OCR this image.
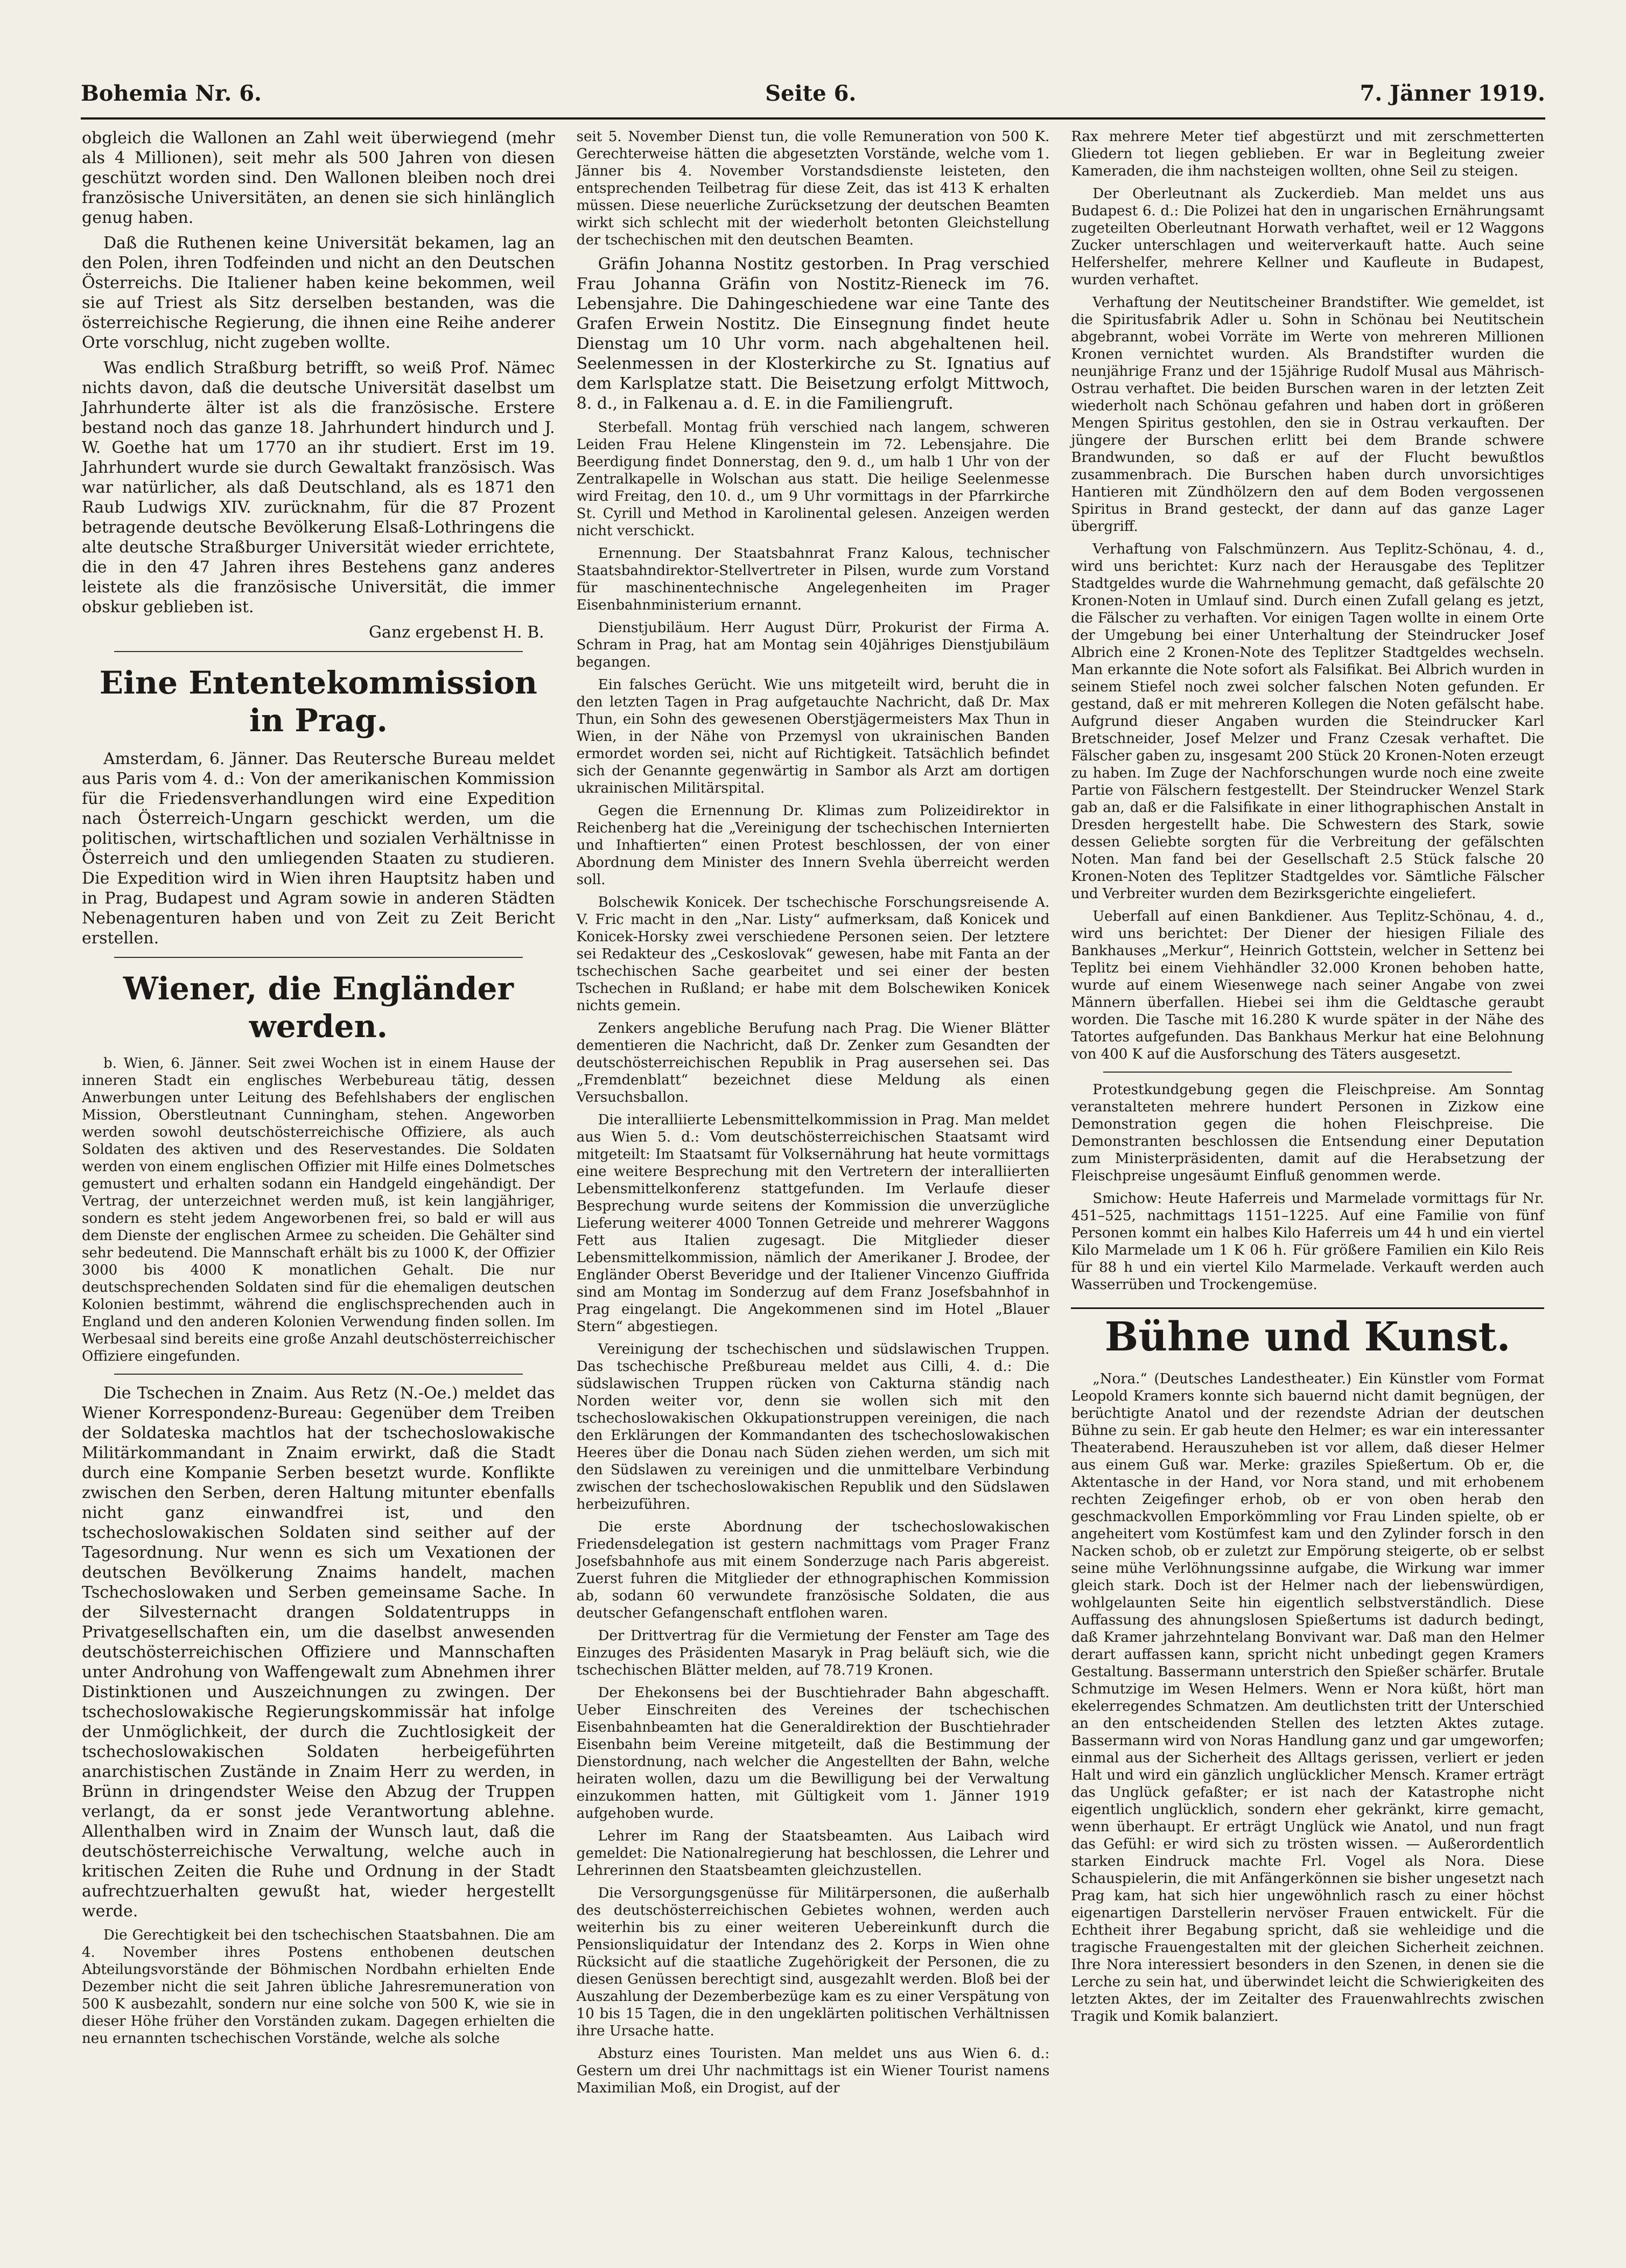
Bohemia Nr. 6.	Seite 6.	7. Jänner 1919.

obgleich die Wallonen an Zahl weit überwiegend (mehr als 4 Millionen), seit mehr als 500 Jahren von diesen geschützt worden sind. Den Wallonen bleiben noch drei französische Universitäten, an denen sie sich hinlänglich genug haben.

Daß die Ruthenen keine Universität bekamen, lag an den Polen, ihren Todfeinden und nicht an den Deutschen Österreichs. Die Italiener haben keine bekommen, weil sie auf Triest als Sitz derselben bestanden, was die österreichische Regierung, die ihnen eine Reihe anderer Orte vorschlug, nicht zugeben wollte.

Was endlich Straßburg betrifft, so weiß Prof. Nämec nichts davon, daß die deutsche Universität daselbst um Jahrhunderte älter ist als die französische. Erstere bestand noch das ganze 18. Jahrhundert hindurch und J. W. Goethe hat um 1770 an ihr studiert. Erst im 19. Jahrhundert wurde sie durch Gewaltakt französisch. Was war natürlicher, als daß Deutschland, als es 1871 den Raub Ludwigs XIV. zurücknahm, für die 87 Prozent betragende deutsche Bevölkerung Elsaß-Lothringens die alte deutsche Straßburger Universität wieder errichtete, die in den 47 Jahren ihres Bestehens ganz anderes leistete als die französische Universität, die immer obskur geblieben ist.

Ganz ergebenst H. B.
Eine Ententekommission in Prag.

Amsterdam, 6. Jänner. Das Reutersche Bureau meldet aus Paris vom 4. d.: Von der amerikanischen Kommission für die Friedensverhandlungen wird eine Expedition nach Österreich-Ungarn geschickt werden, um die politischen, wirtschaftlichen und sozialen Verhältnisse in Österreich und den umliegenden Staaten zu studieren. Die Expedition wird in Wien ihren Hauptsitz haben und in Prag, Budapest und Agram sowie in anderen Städten Nebenagenturen haben und von Zeit zu Zeit Bericht erstellen.

Wiener, die Engländer werden.

b. Wien, 6. Jänner. Seit zwei Wochen ist in einem Hause der inneren Stadt ein englisches Werbebureau tätig, dessen Anwerbungen unter Leitung des Befehlshabers der englischen Mission, Oberstleutnant Cunningham, stehen. Angeworben werden sowohl deutschösterreichische Offiziere, als auch Soldaten des aktiven und des Reservestandes. Die Soldaten werden von einem englischen Offizier mit Hilfe eines Dolmetsches gemustert und erhalten sodann ein Handgeld eingehändigt. Der Vertrag, der unterzeichnet werden muß, ist kein langjähriger, sondern es steht jedem Angeworbenen frei, so bald er will aus dem Dienste der englischen Armee zu scheiden. Die Gehälter sind sehr bedeutend. Die Mannschaft erhält bis zu 1000 K, der Offizier 3000 bis 4000 K monatlichen Gehalt. Die nur deutschsprechenden Soldaten sind für die ehemaligen deutschen Kolonien bestimmt, während die englischsprechenden auch in England und den anderen Kolonien Verwendung finden sollen. Im Werbesaal sind bereits eine große Anzahl deutschösterreichischer Offiziere eingefunden.

Die Tschechen in Znaim. Aus Retz (N.-Oe.) meldet das Wiener Korrespondenz-Bureau: Gegenüber dem Treiben der Soldateska machtlos hat der tschechoslowakische Militärkommandant in Znaim erwirkt, daß die Stadt durch eine Kompanie Serben besetzt wurde. Konflikte zwischen den Serben, deren Haltung mitunter ebenfalls nicht ganz einwandfrei ist, und den tschechoslowakischen Soldaten sind seither auf der Tagesordnung. Nur wenn es sich um Vexationen der deutschen Bevölkerung Znaims handelt, machen Tschechoslowaken und Serben gemeinsame Sache. In der Silvesternacht drangen Soldatentrupps in Privatgesellschaften ein, um die daselbst anwesenden deutschösterreichischen Offiziere und Mannschaften unter Androhung von Waffengewalt zum Abnehmen ihrer Distinktionen und Auszeichnungen zu zwingen. Der tschechoslowakische Regierungskommissär hat infolge der Unmöglichkeit, der durch die Zuchtlosigkeit der tschechoslowakischen Soldaten herbeigeführten anarchistischen Zustände in Znaim Herr zu werden, in Brünn in dringendster Weise den Abzug der Truppen verlangt, da er sonst jede Verantwortung ablehne. Allenthalben wird in Znaim der Wunsch laut, daß die deutschösterreichische Verwaltung, welche auch in kritischen Zeiten die Ruhe und Ordnung in der Stadt aufrechtzuerhalten gewußt hat, wieder hergestellt werde.

Die Gerechtigkeit bei den tschechischen Staatsbahnen. Die am 4. November ihres Postens enthobenen deutschen Abteilungsvorstände der Böhmischen Nordbahn erhielten Ende Dezember nicht die seit Jahren übliche Jahresremuneration von 500 K ausbezahlt, sondern nur eine solche von 500 K, wie sie in dieser Höhe früher den Vorständen zukam. Dagegen erhielten die neu ernannten tschechischen Vorstände, welche als solche

seit 5. November Dienst tun, die volle Remuneration von 500 K. Gerechterweise hätten die abgesetzten Vorstände, welche vom 1. Jänner bis 4. November Vorstandsdienste leisteten, den entsprechenden Teilbetrag für diese Zeit, das ist 413 K erhalten müssen. Diese neuerliche Zurücksetzung der deutschen Beamten wirkt sich schlecht mit der wiederholt betonten Gleichstellung der tschechischen mit den deutschen Beamten.

Gräfin Johanna Nostitz gestorben. In Prag verschied Frau Johanna Gräfin von Nostitz-Rieneck im 76. Lebensjahre. Die Dahingeschiedene war eine Tante des Grafen Erwein Nostitz. Die Einsegnung findet heute Dienstag um 10 Uhr vorm. nach abgehaltenen heil. Seelenmessen in der Klosterkirche zu St. Ignatius auf dem Karlsplatze statt. Die Beisetzung erfolgt Mittwoch, 8. d., in Falkenau a. d. E. in die Familiengruft.

Sterbefall. Montag früh verschied nach langem, schweren Leiden Frau Helene Klingenstein im 72. Lebensjahre. Die Beerdigung findet Donnerstag, den 9. d., um halb 1 Uhr von der Zentralkapelle in Wolschan aus statt. Die heilige Seelenmesse wird Freitag, den 10. d., um 9 Uhr vormittags in der Pfarrkirche St. Cyrill und Method in Karolinental gelesen. Anzeigen werden nicht verschickt.

Ernennung. Der Staatsbahnrat Franz Kalous, technischer Staatsbahndirektor-Stellvertreter in Pilsen, wurde zum Vorstand für maschinentechnische Angelegenheiten im Prager Eisenbahnministerium ernannt.

Dienstjubiläum. Herr August Dürr, Prokurist der Firma A. Schram in Prag, hat am Montag sein 40jähriges Dienstjubiläum begangen.

Ein falsches Gerücht. Wie uns mitgeteilt wird, beruht die in den letzten Tagen in Prag aufgetauchte Nachricht, daß Dr. Max Thun, ein Sohn des gewesenen Oberstjägermeisters Max Thun in Wien, in der Nähe von Przemysl von ukrainischen Banden ermordet worden sei, nicht auf Richtigkeit. Tatsächlich befindet sich der Genannte gegenwärtig in Sambor als Arzt am dortigen ukrainischen Militärspital.

Gegen die Ernennung Dr. Klimas zum Polizeidirektor in Reichenberg hat die „Vereinigung der tschechischen Internierten und Inhaftierten“ einen Protest beschlossen, der von einer Abordnung dem Minister des Innern Svehla überreicht werden soll.

Bolschewik Konicek. Der tschechische Forschungsreisende A. V. Fric macht in den „Nar. Listy“ aufmerksam, daß Konicek und Konicek-Horsky zwei verschiedene Personen seien. Der letztere sei Redakteur des „Ceskoslovak“ gewesen, habe mit Fanta an der tschechischen Sache gearbeitet und sei einer der besten Tschechen in Rußland; er habe mit dem Bolschewiken Konicek nichts gemein.

Zenkers angebliche Berufung nach Prag. Die Wiener Blätter dementieren die Nachricht, daß Dr. Zenker zum Gesandten der deutschösterreichischen Republik in Prag ausersehen sei. Das „Fremdenblatt“ bezeichnet diese Meldung als einen Versuchsballon.

Die interalliierte Lebensmittelkommission in Prag. Man meldet aus Wien 5. d.: Vom deutschösterreichischen Staatsamt wird mitgeteilt: Im Staatsamt für Volksernährung hat heute vormittags eine weitere Besprechung mit den Vertretern der interalliierten Lebensmittelkonferenz stattgefunden. Im Verlaufe dieser Besprechung wurde seitens der Kommission die unverzügliche Lieferung weiterer 4000 Tonnen Getreide und mehrerer Waggons Fett aus Italien zugesagt. Die Mitglieder dieser Lebensmittelkommission, nämlich der Amerikaner J. Brodee, der Engländer Oberst Beveridge und der Italiener Vincenzo Giuffrida sind am Montag im Sonderzug auf dem Franz Josefsbahnhof in Prag eingelangt. Die Angekommenen sind im Hotel „Blauer Stern“ abgestiegen.

Vereinigung der tschechischen und südslawischen Truppen. Das tschechische Preßbureau meldet aus Cilli, 4. d.: Die südslawischen Truppen rücken von Cakturna ständig nach Norden weiter vor, denn sie wollen sich mit den tschechoslowakischen Okkupationstruppen vereinigen, die nach den Erklärungen der Kommandanten des tschechoslowakischen Heeres über die Donau nach Süden ziehen werden, um sich mit den Südslawen zu vereinigen und die unmittelbare Verbindung zwischen der tschechoslowakischen Republik und den Südslawen herbeizuführen.

Die erste Abordnung der tschechoslowakischen Friedensdelegation ist gestern nachmittags vom Prager Franz Josefsbahnhofe aus mit einem Sonderzuge nach Paris abgereist. Zuerst fuhren die Mitglieder der ethnographischen Kommission ab, sodann 60 verwundete französische Soldaten, die aus deutscher Gefangenschaft entflohen waren.

Der Drittvertrag für die Vermietung der Fenster am Tage des Einzuges des Präsidenten Masaryk in Prag beläuft sich, wie die tschechischen Blätter melden, auf 78.719 Kronen.

Der Ehekonsens bei der Buschtiehrader Bahn abgeschafft. Ueber Einschreiten des Vereines der tschechischen Eisenbahnbeamten hat die Generaldirektion der Buschtiehrader Eisenbahn beim Vereine mitgeteilt, daß die Bestimmung der Dienstordnung, nach welcher die Angestellten der Bahn, welche heiraten wollen, dazu um die Bewilligung bei der Verwaltung einzukommen hatten, mit Gültigkeit vom 1. Jänner 1919 aufgehoben wurde.

Lehrer im Rang der Staatsbeamten. Aus Laibach wird gemeldet: Die Nationalregierung hat beschlossen, die Lehrer und Lehrerinnen den Staatsbeamten gleichzustellen.

Die Versorgungsgenüsse für Militärpersonen, die außerhalb des deutschösterreichischen Gebietes wohnen, werden auch weiterhin bis zu einer weiteren Uebereinkunft durch die Pensionsliquidatur der Intendanz des 2. Korps in Wien ohne Rücksicht auf die staatliche Zugehörigkeit der Personen, die zu diesen Genüssen berechtigt sind, ausgezahlt werden. Bloß bei der Auszahlung der Dezemberbezüge kam es zu einer Verspätung von 10 bis 15 Tagen, die in den ungeklärten politischen Verhältnissen ihre Ursache hatte.

Absturz eines Touristen. Man meldet uns aus Wien 6. d.: Gestern um drei Uhr nachmittags ist ein Wiener Tourist namens Maximilian Moß, ein Drogist, auf der

Rax mehrere Meter tief abgestürzt und mit zerschmetterten Gliedern tot liegen geblieben. Er war in Begleitung zweier Kameraden, die ihm nachsteigen wollten, ohne Seil zu steigen.

Der Oberleutnant als Zuckerdieb. Man meldet uns aus Budapest 6. d.: Die Polizei hat den in ungarischen Ernährungsamt zugeteilten Oberleutnant Horwath verhaftet, weil er 12 Waggons Zucker unterschlagen und weiterverkauft hatte. Auch seine Helfershelfer, mehrere Kellner und Kaufleute in Budapest, wurden verhaftet.

Verhaftung der Neutitscheiner Brandstifter. Wie gemeldet, ist die Spiritusfabrik Adler u. Sohn in Schönau bei Neutitschein abgebrannt, wobei Vorräte im Werte von mehreren Millionen Kronen vernichtet wurden. Als Brandstifter wurden die neunjährige Franz und der 15jährige Rudolf Musal aus Mährisch-Ostrau verhaftet. Die beiden Burschen waren in der letzten Zeit wiederholt nach Schönau gefahren und haben dort in größeren Mengen Spiritus gestohlen, den sie in Ostrau verkauften. Der jüngere der Burschen erlitt bei dem Brande schwere Brandwunden, so daß er auf der Flucht bewußtlos zusammenbrach. Die Burschen haben durch unvorsichtiges Hantieren mit Zündhölzern den auf dem Boden vergossenen Spiritus in Brand gesteckt, der dann auf das ganze Lager übergriff.

Verhaftung von Falschmünzern. Aus Teplitz-Schönau, 4. d., wird uns berichtet: Kurz nach der Herausgabe des Teplitzer Stadtgeldes wurde die Wahrnehmung gemacht, daß gefälschte 20 Kronen-Noten in Umlauf sind. Durch einen Zufall gelang es jetzt, die Fälscher zu verhaften. Vor einigen Tagen wollte in einem Orte der Umgebung bei einer Unterhaltung der Steindrucker Josef Albrich eine 2 Kronen-Note des Teplitzer Stadtgeldes wechseln. Man erkannte die Note sofort als Falsifikat. Bei Albrich wurden in seinem Stiefel noch zwei solcher falschen Noten gefunden. Er gestand, daß er mit mehreren Kollegen die Noten gefälscht habe. Aufgrund dieser Angaben wurden die Steindrucker Karl Bretschneider, Josef Melzer und Franz Czesak verhaftet. Die Fälscher gaben zu, insgesamt 200 Stück 20 Kronen-Noten erzeugt zu haben. Im Zuge der Nachforschungen wurde noch eine zweite Partie von Fälschern festgestellt. Der Steindrucker Wenzel Stark gab an, daß er die Falsifikate in einer lithographischen Anstalt in Dresden hergestellt habe. Die Schwestern des Stark, sowie dessen Geliebte sorgten für die Verbreitung der gefälschten Noten. Man fand bei der Gesellschaft 2.5 Stück falsche 20 Kronen-Noten des Teplitzer Stadtgeldes vor. Sämtliche Fälscher und Verbreiter wurden dem Bezirksgerichte eingeliefert.

Ueberfall auf einen Bankdiener. Aus Teplitz-Schönau, 4. d., wird uns berichtet: Der Diener der hiesigen Filiale des Bankhauses „Merkur“, Heinrich Gottstein, welcher in Settenz bei Teplitz bei einem Viehhändler 32.000 Kronen behoben hatte, wurde auf einem Wiesenwege nach seiner Angabe von zwei Männern überfallen. Hiebei sei ihm die Geldtasche geraubt worden. Die Tasche mit 16.280 K wurde später in der Nähe des Tatortes aufgefunden. Das Bankhaus Merkur hat eine Belohnung von 400 K auf die Ausforschung des Täters ausgesetzt.

Protestkundgebung gegen die Fleischpreise. Am Sonntag veranstalteten mehrere hundert Personen in Zizkow eine Demonstration gegen die hohen Fleischpreise. Die Demonstranten beschlossen die Entsendung einer Deputation zum Ministerpräsidenten, damit auf die Herabsetzung der Fleischpreise ungesäumt Einfluß genommen werde.

Smichow: Heute Haferreis und Marmelade vormittags für Nr. 451–525, nachmittags 1151–1225. Auf eine Familie von fünf Personen kommt ein halbes Kilo Haferreis um 44 h und ein viertel Kilo Marmelade um 1 K 06 h. Für größere Familien ein Kilo Reis für 88 h und ein viertel Kilo Marmelade. Verkauft werden auch Wasserrüben und Trockengemüse.

Bühne und Kunst.

„Nora.“ (Deutsches Landestheater.) Ein Künstler vom Format Leopold Kramers konnte sich bauernd nicht damit begnügen, der berüchtigte Anatol und der rezendste Adrian der deutschen Bühne zu sein. Er gab heute den Helmer; es war ein interessanter Theaterabend. Herauszuheben ist vor allem, daß dieser Helmer aus einem Guß war. Merke: graziles Spießertum. Ob er, die Aktentasche in der Hand, vor Nora stand, und mit erhobenem rechten Zeigefinger erhob, ob er von oben herab den geschmackvollen Emporkömmling vor Frau Linden spielte, ob er angeheitert vom Kostümfest kam und den Zylinder forsch in den Nacken schob, ob er zuletzt zur Empörung steigerte, ob er selbst seine mühe Verlöhnungssinne aufgabe, die Wirkung war immer gleich stark. Doch ist der Helmer nach der liebenswürdigen, wohlgelaunten Seite hin eigentlich selbstverständlich. Diese Auffassung des ahnungslosen Spießertums ist dadurch bedingt, daß Kramer jahrzehntelang Bonvivant war. Daß man den Helmer derart auffassen kann, spricht nicht unbedingt gegen Kramers Gestaltung. Bassermann unterstrich den Spießer schärfer. Brutale Schmutzige im Wesen Helmers. Wenn er Nora küßt, hört man ekelerregendes Schmatzen. Am deutlichsten tritt der Unterschied an den entscheidenden Stellen des letzten Aktes zutage. Bassermann wird von Noras Handlung ganz und gar umgeworfen; einmal aus der Sicherheit des Alltags gerissen, verliert er jeden Halt und wird ein gänzlich unglücklicher Mensch. Kramer erträgt das Unglück gefaßter; er ist nach der Katastrophe nicht eigentlich unglücklich, sondern eher gekränkt, kirre gemacht, wenn überhaupt. Er erträgt Unglück wie Anatol, und nun fragt das Gefühl: er wird sich zu trösten wissen. — Außerordentlich starken Eindruck machte Frl. Vogel als Nora. Diese Schauspielerin, die mit Anfängerkönnen sie bisher ungesetzt nach Prag kam, hat sich hier ungewöhnlich rasch zu einer höchst eigenartigen Darstellerin nervöser Frauen entwickelt. Für die Echtheit ihrer Begabung spricht, daß sie wehleidige und die tragische Frauengestalten mit der gleichen Sicherheit zeichnen. Ihre Nora interessiert besonders in den Szenen, in denen sie die Lerche zu sein hat, und überwindet leicht die Schwierigkeiten des letzten Aktes, der im Zeitalter des Frauenwahlrechts zwischen Tragik und Komik balanziert.
